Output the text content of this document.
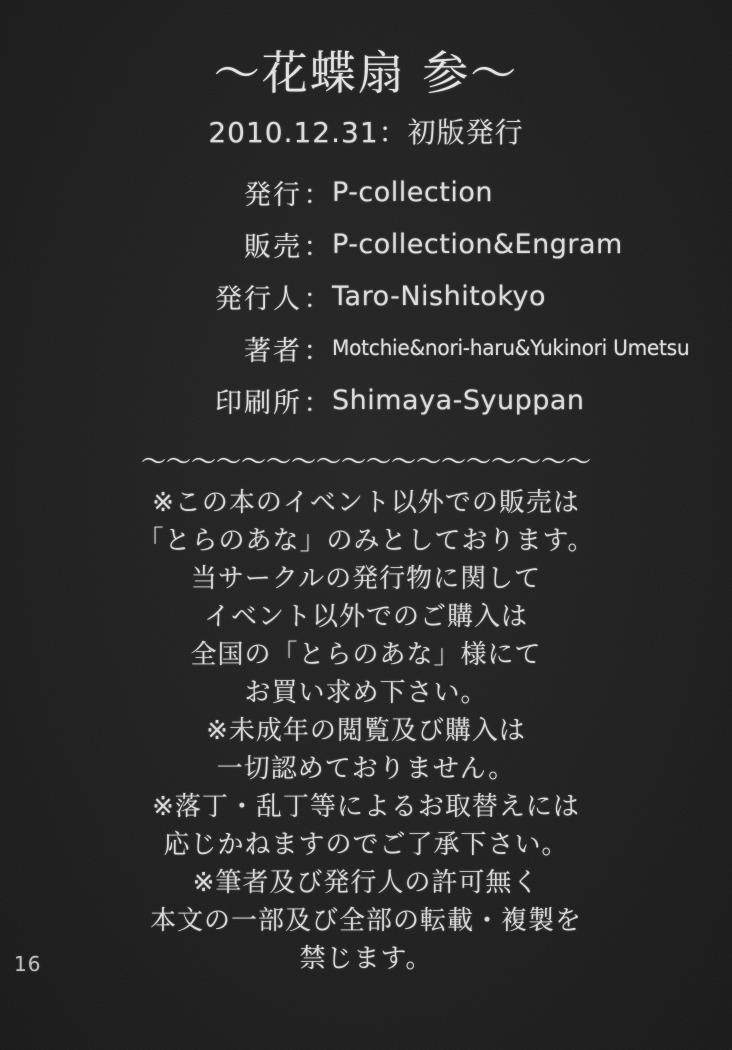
〜花蝶扇 参〜
2010.12.31：初版発行
発行 ： P-collection
販売 ： P-collection&Engram
発行人 ： Taro-Nishitokyo
著者 ： Motchie&nori-haru&Yukinori Umetsu
印刷所 ： Shimaya-Syuppan
〜〜〜〜〜〜〜〜〜〜〜〜〜〜〜〜〜〜
※この本のイベント以外での販売は
「とらのあな」のみとしております。
当サークルの発行物に関して
イベント以外でのご購入は
全国の「とらのあな」様にて
お買い求め下さい。
※未成年の閲覧及び購入は
一切認めておりません。
※落丁・乱丁等によるお取替えには
応じかねますのでご了承下さい。
※筆者及び発行人の許可無く
本文の一部及び全部の転載・複製を
禁じます。
16
